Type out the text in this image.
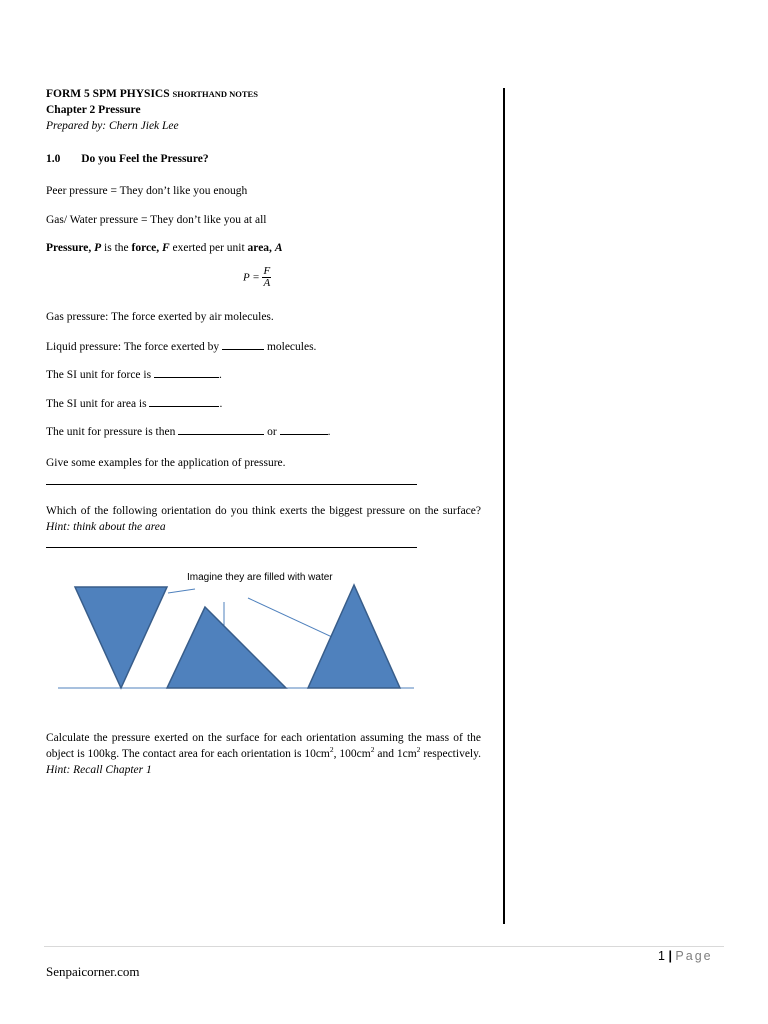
FORM 5 SPM PHYSICS SHORTHAND NOTES
Chapter 2 Pressure
Prepared by: Chern Jiek Lee
1.0 Do you Feel the Pressure?
Peer pressure = They don’t like you enough
Gas/ Water pressure = They don’t like you at all
Pressure, P is the force, F exerted per unit area, A
$P = \frac{F}{A}$
Gas pressure: The force exerted by air molecules.
Liquid pressure: The force exerted by	molecules.
The SI unit for force is	.
The SI unit for area is	.
The unit for pressure is then	or	.
Give some examples for the application of pressure.
Which of the following orientation do you think exerts the biggest pressure on the surface? Hint: think about the area
Imagine they are filled with water
Calculate the pressure exerted on the surface for each orientation assuming the mass of the object is 100kg. The contact area for each orientation is $10cm^2$, $100cm^2$ and $1cm^2$ respectively. Hint: Recall Chapter 1
1 | Page
Senpaicorner.com
